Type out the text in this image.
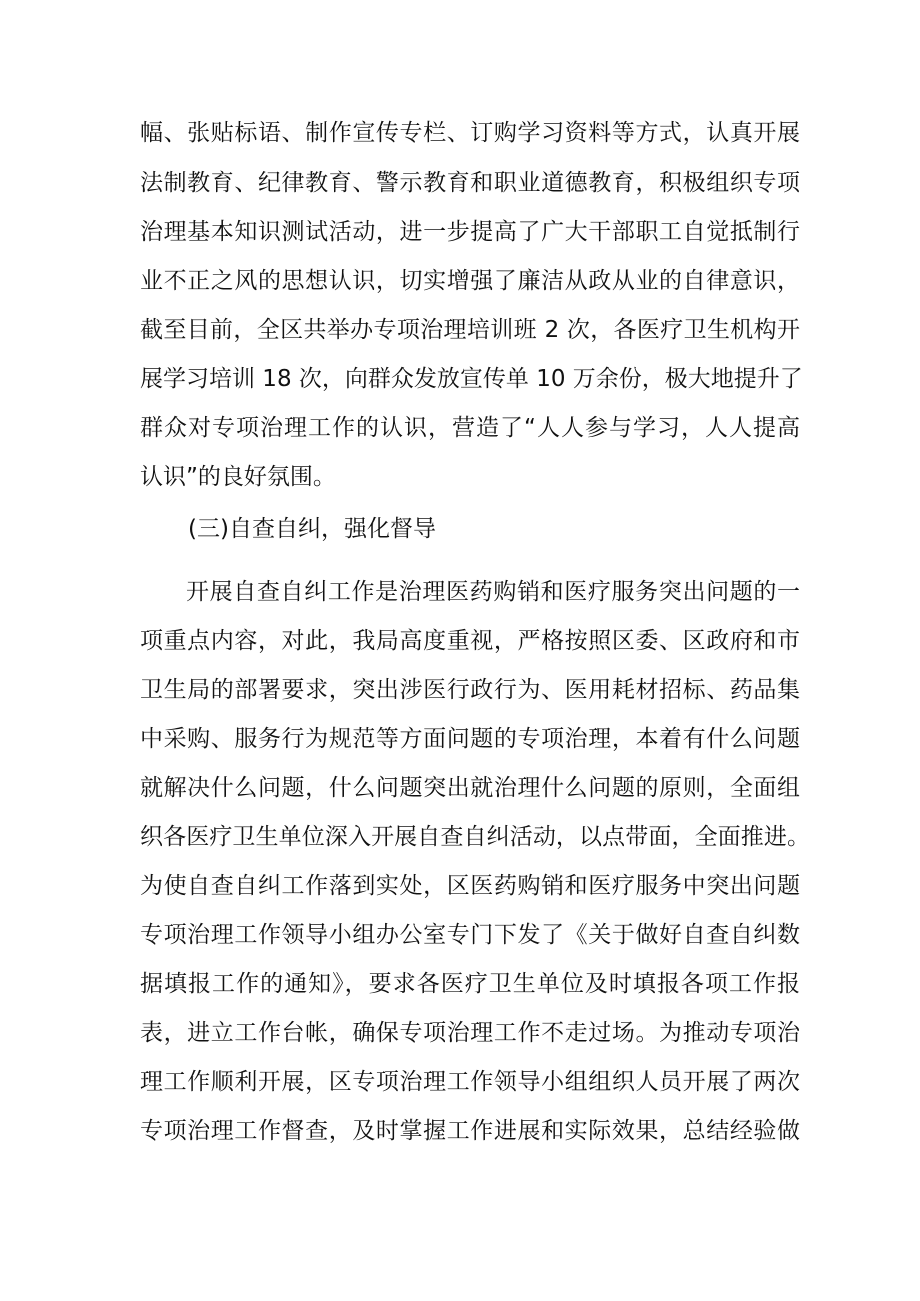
幅、张贴标语、制作宣传专栏、订购学习资料等方式，认真开展
法制教育、纪律教育、警示教育和职业道德教育，积极组织专项
治理基本知识测试活动，进一步提高了广大干部职工自觉抵制行
业不正之风的思想认识，切实增强了廉洁从政从业的自律意识，
截至目前，全区共举办专项治理培训班 2 次，各医疗卫生机构开
展学习培训 18 次，向群众发放宣传单 10 万余份，极大地提升了
群众对专项治理工作的认识，营造了“人人参与学习，人人提高
认识”的良好氛围。
(三)自查自纠，强化督导
开展自查自纠工作是治理医药购销和医疗服务突出问题的一
项重点内容，对此，我局高度重视，严格按照区委、区政府和市
卫生局的部署要求，突出涉医行政行为、医用耗材招标、药品集
中采购、服务行为规范等方面问题的专项治理，本着有什么问题
就解决什么问题，什么问题突出就治理什么问题的原则，全面组
织各医疗卫生单位深入开展自查自纠活动，以点带面，全面推进。
为使自查自纠工作落到实处，区医药购销和医疗服务中突出问题
专项治理工作领导小组办公室专门下发了《关于做好自查自纠数
据填报工作的通知》，要求各医疗卫生单位及时填报各项工作报
表，进立工作台帐，确保专项治理工作不走过场。为推动专项治
理工作顺利开展，区专项治理工作领导小组组织人员开展了两次
专项治理工作督查，及时掌握工作进展和实际效果，总结经验做
